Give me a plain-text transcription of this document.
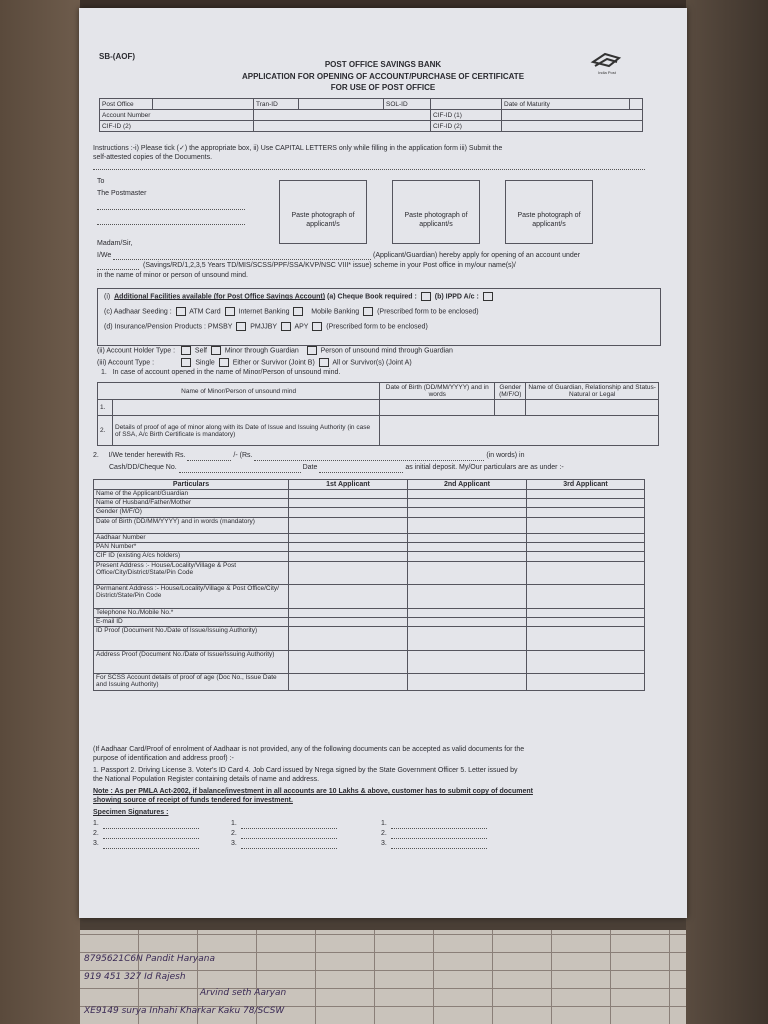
8795621C6N Pandit Haryana
919 451 327 Id Rajesh
Arvind seth Aaryan
XE9149 surya Inhahi Kharkar Kaku 78/SCSW
SB-(AOF)
POST OFFICE SAVINGS BANK
APPLICATION FOR OPENING OF ACCOUNT/PURCHASE OF CERTIFICATE
FOR USE OF POST OFFICE
India Post
Post Office		Tran-ID		SOL-ID		Date of Maturity	
Account Number					CIF-ID (1)		
CIF-ID (2)					CIF-ID (2)		
Instructions :-i) Please tick (✓) the appropriate box, ii) Use CAPITAL LETTERS only while filling in the application form iii) Submit the
self-attested copies of the Documents.
To
The Postmaster
Paste photograph of applicant/s
Paste photograph of applicant/s
Paste photograph of applicant/s
Madam/Sir,
I/We	(Applicant/Guardian) hereby apply for opening of an account under
(Savings/RD/1,2,3,5 Years TD/MIS/SCSS/PPF/SSA/KVP/NSC VIII* issue) scheme in your Post office in my/our name(s)/
in the name of minor or person of unsound mind.
(i) Additional Facilities available (for Post Office Savings Account) (a) Cheque Book required :	(b) IPPD A/c :
(c) Aadhaar Seeding :	ATM Card	Internet Banking	Mobile Banking	(Prescribed form to be enclosed)
(d) Insurance/Pension Products : PMSBY	PMJJBY	APY	(Prescribed form to be enclosed)
(ii) Account Holder Type :	Self	Minor through Guardian	Person of unsound mind through Guardian
(iii) Account Type :	Single	Either or Survivor (Joint B)	All or Survivor(s) (Joint A)
1. In case of account opened in the name of Minor/Person of unsound mind.
Name of Minor/Person of unsound mind		Date of Birth (DD/MM/YYYY) and in words	Gender (M/F/O)	Name of Guardian, Relationship and Status-Natural or Legal
1.				
2.	Details of proof of age of minor along with its Date of Issue and Issuing Authority (in case of SSA, A/c Birth Certificate is mandatory)			
2. I/We tender herewith Rs.	/- (Rs.	(in words) in
Cash/DD/Cheque No.	Date	as initial deposit. My/Our particulars are as under :-
Particulars	1st Applicant	2nd Applicant	3rd Applicant
Name of the Applicant/Guardian			
Name of Husband/Father/Mother			
Gender (M/F/O)			
Date of Birth (DD/MM/YYYY) and in words (mandatory)			
Aadhaar Number			
PAN Number*			
CIF ID (existing A/cs holders)			
Present Address :- House/Locality/Village & Post Office/City/District/State/Pin Code			
Permanent Address :- House/Locality/Village & Post Office/City/ District/State/Pin Code			
Telephone No./Mobile No.*			
E-mail ID			
ID Proof (Document No./Date of Issue/Issuing Authority)			
Address Proof (Document No./Date of Issue/Issuing Authority)			
For SCSS Account details of proof of age (Doc No., Issue Date and Issuing Authority)			
(If Aadhaar Card/Proof of enrolment of Aadhaar is not provided, any of the following documents can be accepted as valid documents for the
purpose of identification and address proof) :-
1. Passport 2. Driving License 3. Voter's ID Card 4. Job Card issued by Nrega signed by the State Government Officer 5. Letter issued by
the National Population Register containing details of name and address.
Note : As per PMLA Act-2002, if balance/investment in all accounts are 10 Lakhs & above, customer has to submit copy of document
showing source of receipt of funds tendered for investment.
Specimen Signatures :
1.
2.
3.
1.
2.
3.
1.
2.
3.
